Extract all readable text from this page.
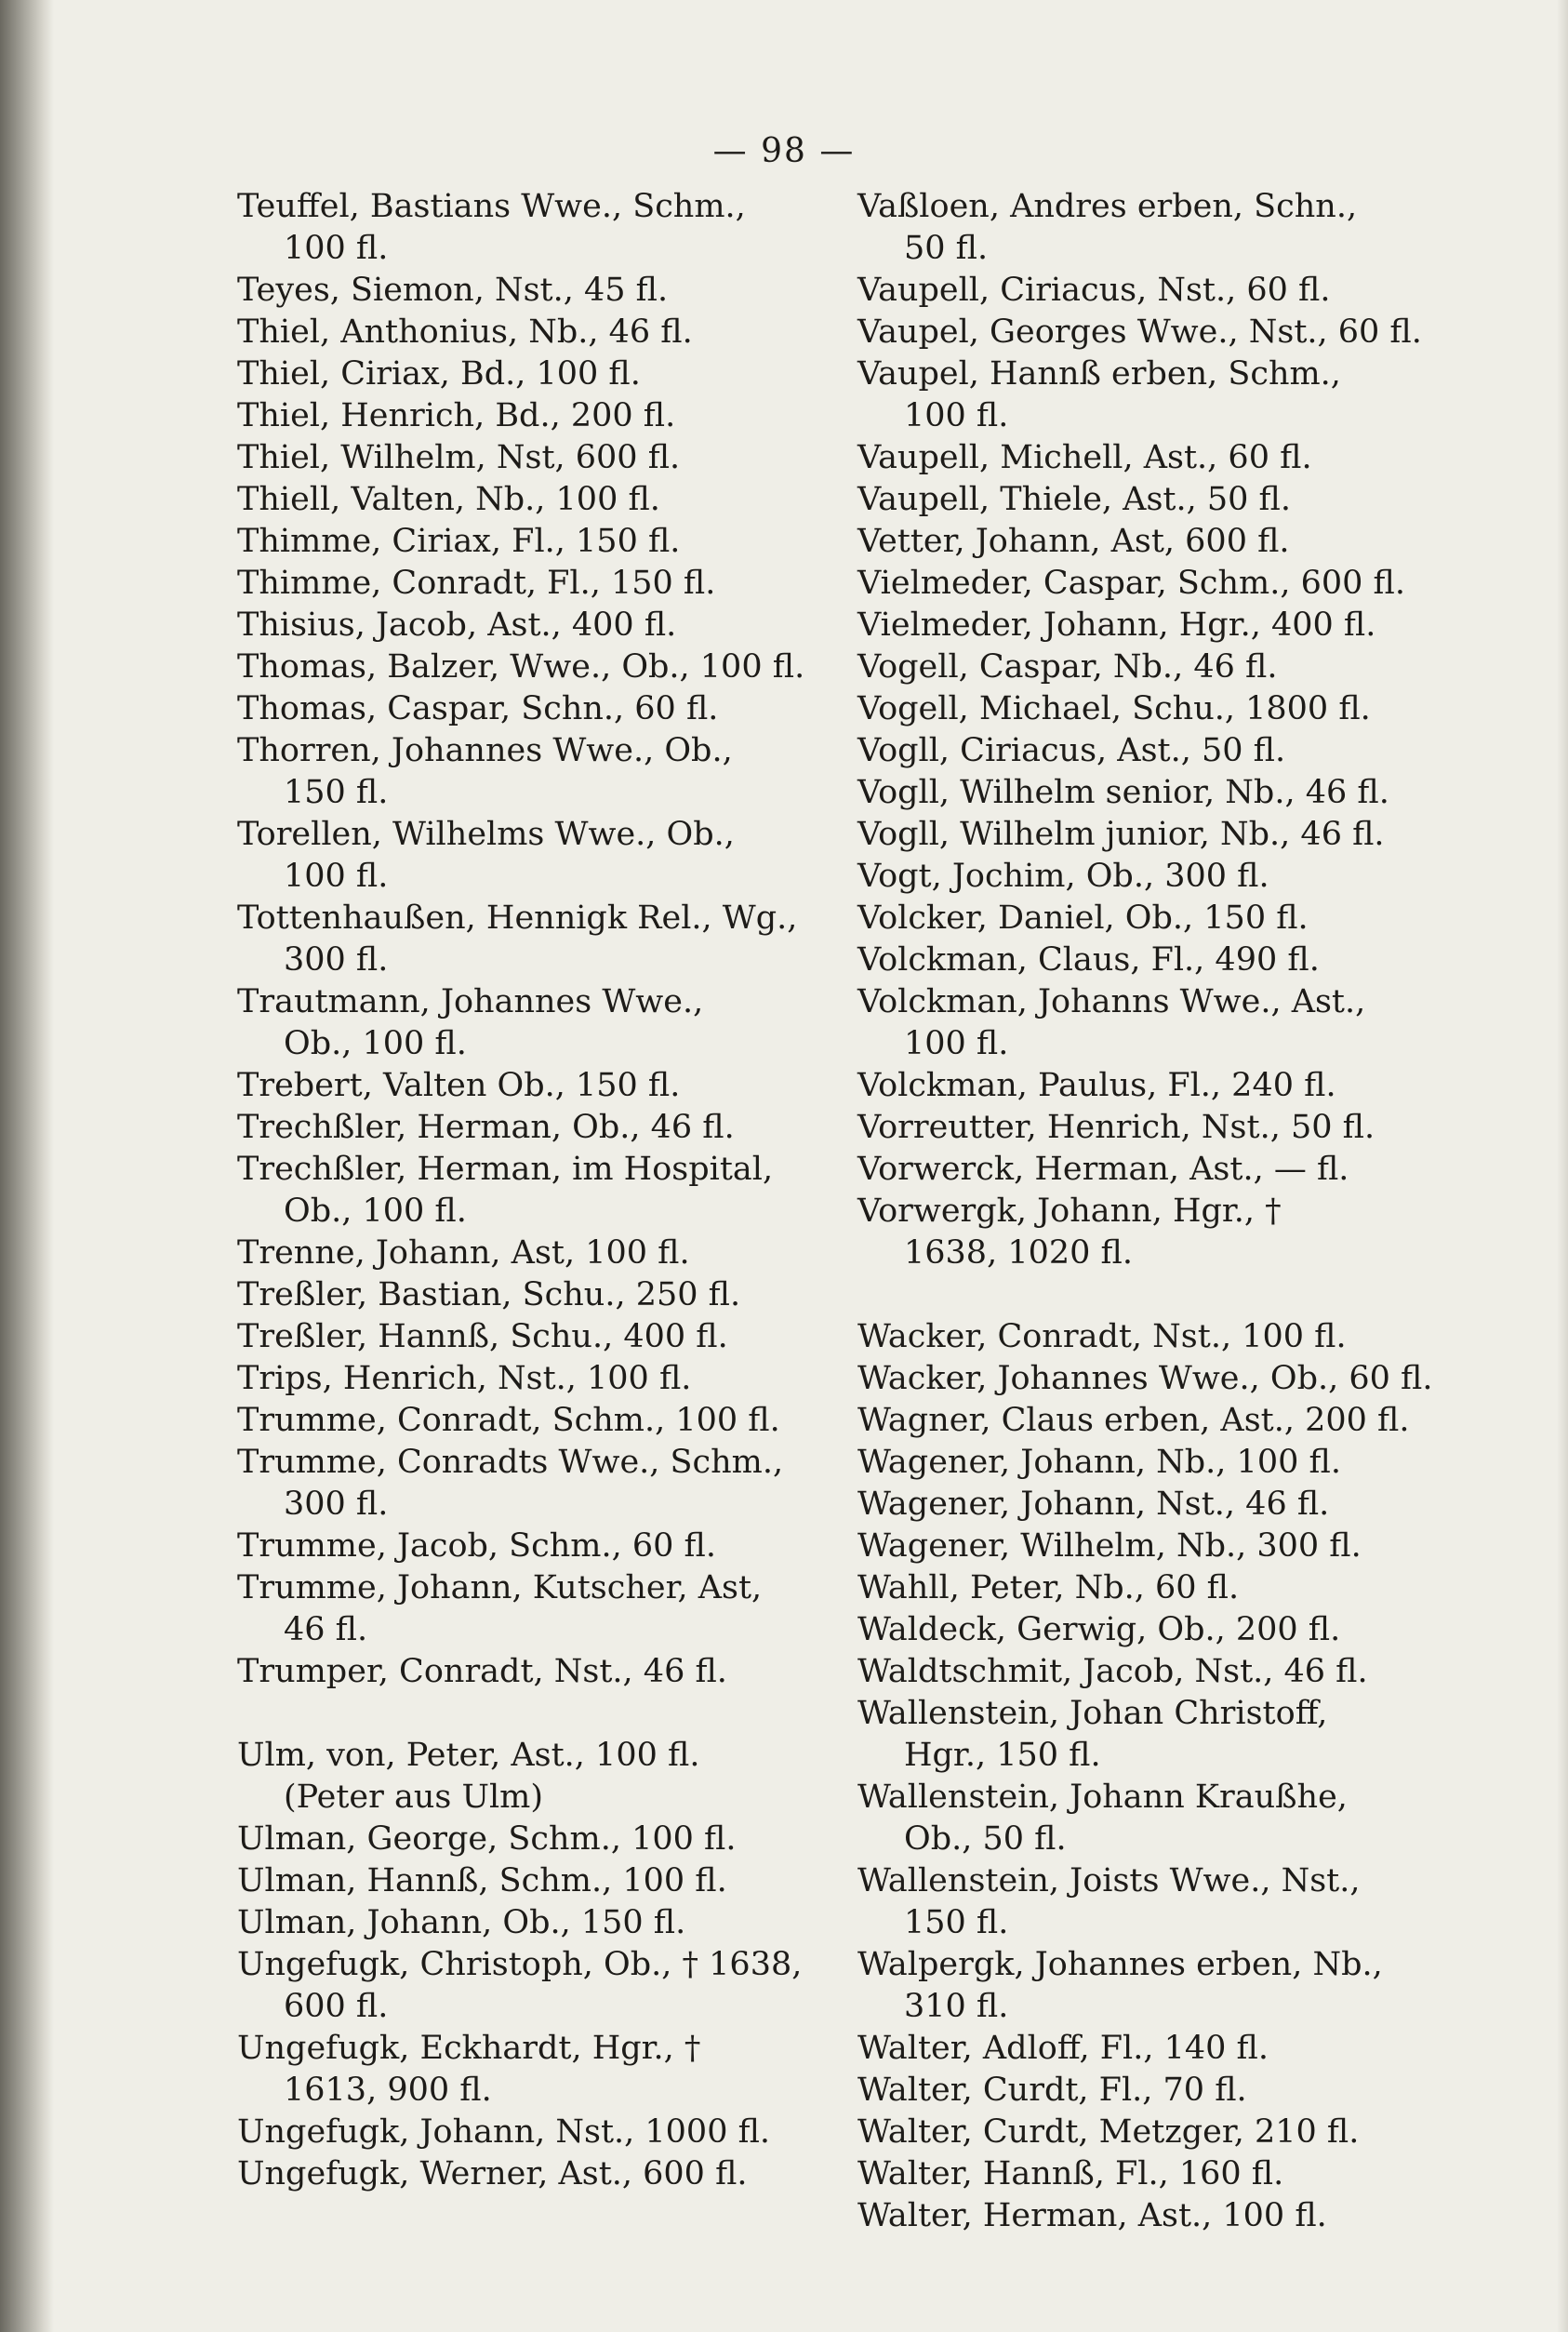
— 98 —
Teuffel, Bastians Wwe., Schm.,
100 fl.
Teyes, Siemon, Nst., 45 fl.
Thiel, Anthonius, Nb., 46 fl.
Thiel, Ciriax, Bd., 100 fl.
Thiel, Henrich, Bd., 200 fl.
Thiel, Wilhelm, Nst, 600 fl.
Thiell, Valten, Nb., 100 fl.
Thimme, Ciriax, Fl., 150 fl.
Thimme, Conradt, Fl., 150 fl.
Thisius, Jacob, Ast., 400 fl.
Thomas, Balzer, Wwe., Ob., 100 fl.
Thomas, Caspar, Schn., 60 fl.
Thorren, Johannes Wwe., Ob.,
150 fl.
Torellen, Wilhelms Wwe., Ob.,
100 fl.
Tottenhaußen, Hennigk Rel., Wg.,
300 fl.
Trautmann, Johannes Wwe.,
Ob., 100 fl.
Trebert, Valten Ob., 150 fl.
Trechßler, Herman, Ob., 46 fl.
Trechßler, Herman, im Hospital,
Ob., 100 fl.
Trenne, Johann, Ast, 100 fl.
Treßler, Bastian, Schu., 250 fl.
Treßler, Hannß, Schu., 400 fl.
Trips, Henrich, Nst., 100 fl.
Trumme, Conradt, Schm., 100 fl.
Trumme, Conradts Wwe., Schm.,
300 fl.
Trumme, Jacob, Schm., 60 fl.
Trumme, Johann, Kutscher, Ast,
46 fl.
Trumper, Conradt, Nst., 46 fl.
Ulm, von, Peter, Ast., 100 fl.
(Peter aus Ulm)
Ulman, George, Schm., 100 fl.
Ulman, Hannß, Schm., 100 fl.
Ulman, Johann, Ob., 150 fl.
Ungefugk, Christoph, Ob., † 1638,
600 fl.
Ungefugk, Eckhardt, Hgr., †
1613, 900 fl.
Ungefugk, Johann, Nst., 1000 fl.
Ungefugk, Werner, Ast., 600 fl.
Vaßloen, Andres erben, Schn.,
50 fl.
Vaupell, Ciriacus, Nst., 60 fl.
Vaupel, Georges Wwe., Nst., 60 fl.
Vaupel, Hannß erben, Schm.,
100 fl.
Vaupell, Michell, Ast., 60 fl.
Vaupell, Thiele, Ast., 50 fl.
Vetter, Johann, Ast, 600 fl.
Vielmeder, Caspar, Schm., 600 fl.
Vielmeder, Johann, Hgr., 400 fl.
Vogell, Caspar, Nb., 46 fl.
Vogell, Michael, Schu., 1800 fl.
Vogll, Ciriacus, Ast., 50 fl.
Vogll, Wilhelm senior, Nb., 46 fl.
Vogll, Wilhelm junior, Nb., 46 fl.
Vogt, Jochim, Ob., 300 fl.
Volcker, Daniel, Ob., 150 fl.
Volckman, Claus, Fl., 490 fl.
Volckman, Johanns Wwe., Ast.,
100 fl.
Volckman, Paulus, Fl., 240 fl.
Vorreutter, Henrich, Nst., 50 fl.
Vorwerck, Herman, Ast., — fl.
Vorwergk, Johann, Hgr., †
1638, 1020 fl.
Wacker, Conradt, Nst., 100 fl.
Wacker, Johannes Wwe., Ob., 60 fl.
Wagner, Claus erben, Ast., 200 fl.
Wagener, Johann, Nb., 100 fl.
Wagener, Johann, Nst., 46 fl.
Wagener, Wilhelm, Nb., 300 fl.
Wahll, Peter, Nb., 60 fl.
Waldeck, Gerwig, Ob., 200 fl.
Waldtschmit, Jacob, Nst., 46 fl.
Wallenstein, Johan Christoff,
Hgr., 150 fl.
Wallenstein, Johann Kraußhe,
Ob., 50 fl.
Wallenstein, Joists Wwe., Nst.,
150 fl.
Walpergk, Johannes erben, Nb.,
310 fl.
Walter, Adloff, Fl., 140 fl.
Walter, Curdt, Fl., 70 fl.
Walter, Curdt, Metzger, 210 fl.
Walter, Hannß, Fl., 160 fl.
Walter, Herman, Ast., 100 fl.
